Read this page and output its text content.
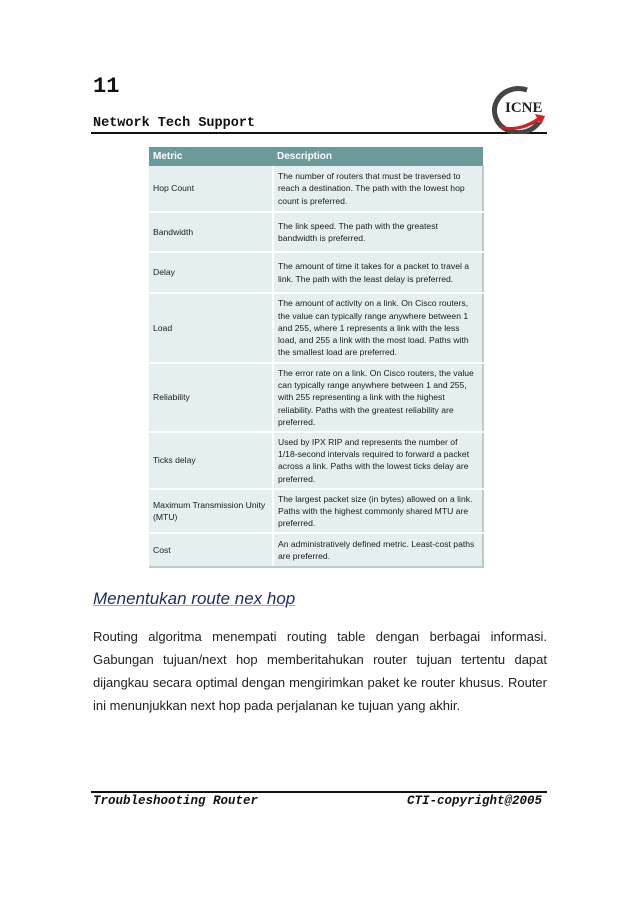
11
Network Tech Support
ICNE
Metric	Description
Hop Count	The number of routers that must be traversed to reach a destination. The path with the lowest hop count is preferred.
Bandwidth	The link speed. The path with the greatest bandwidth is preferred.
Delay	The amount of time it takes for a packet to travel a link. The path with the least delay is preferred.
Load	The amount of activity on a link. On Cisco routers, the value can typically range anywhere between 1 and 255, where 1 represents a link with the less load, and 255 a link with the most load. Paths with the smallest load are preferred.
Reliability	The error rate on a link. On Cisco routers, the value can typically range anywhere between 1 and 255, with 255 representing a link with the highest reliability. Paths with the greatest reliability are preferred.
Ticks delay	Used by IPX RIP and represents the number of 1/18-second intervals required to forward a packet across a link. Paths with the lowest ticks delay are preferred.
Maximum Transmission Unity (MTU)	The largest packet size (in bytes) allowed on a link. Paths with the highest commonly shared MTU are preferred.
Cost	An administratively defined metric. Least-cost paths are preferred.
Menentukan route nex hop
Routing algoritma menempati routing table dengan berbagai informasi. Gabungan tujuan/next hop memberitahukan router tujuan tertentu dapat dijangkau secara optimal dengan mengirimkan paket ke router khusus. Router ini menunjukkan next hop pada perjalanan ke tujuan yang akhir.
Troubleshooting Router	CTI-copyright@2005
